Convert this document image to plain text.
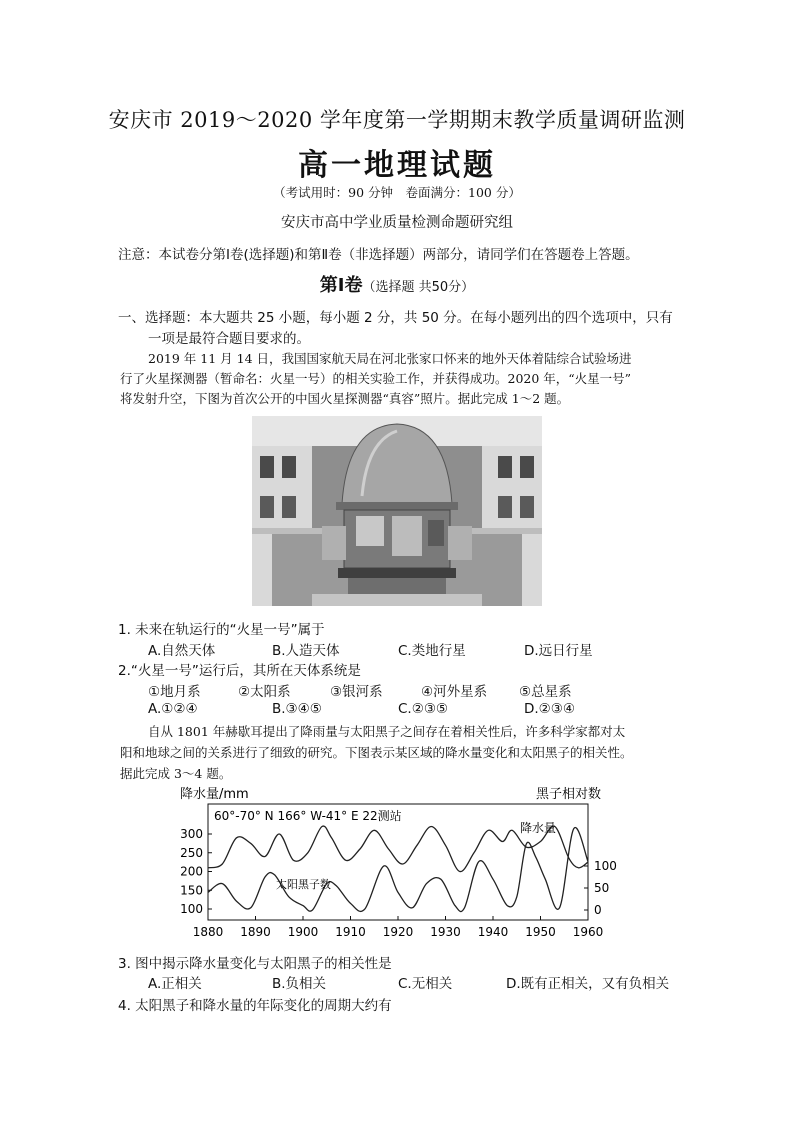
安庆市 2019～2020 学年度第一学期期末教学质量调研监测
高一地理试题
（考试用时：90 分钟　卷面满分：100 分）
安庆市高中学业质量检测命题研究组
注意：本试卷分第Ⅰ卷(选择题)和第Ⅱ卷（非选择题）两部分，请同学们在答题卷上答题。
第Ⅰ卷（选择题 共50分）
一、选择题：本大题共 25 小题，每小题 2 分，共 50 分。在每小题列出的四个选项中，只有
一项是最符合题目要求的。
2019 年 11 月 14 日，我国国家航天局在河北张家口怀来的地外天体着陆综合试验场进
行了火星探测器（暂命名：火星一号）的相关实验工作，并获得成功。2020 年，“火星一号”
将发射升空，下图为首次公开的中国火星探测器“真容”照片。据此完成 1～2 题。
1. 未来在轨运行的“火星一号”属于
A.自然天体	B.人造天体	C.类地行星	D.远日行星
2.“火星一号”运行后，其所在天体系统是
①地月系	②太阳系	③银河系	④河外星系 ⑤总星系
A.①②④	B.③④⑤	C.②③⑤	D.②③④
自从 1801 年赫歇耳提出了降雨量与太阳黑子之间存在着相关性后，许多科学家都对太
阳和地球之间的关系进行了细致的研究。下图表示某区域的降水量变化和太阳黑子的相关性。
据此完成 3～4 题。
降水量/mm	黑子相对数
60°-70° N 166° W-41° E 22测站
1880 1890 1900 1910 1920 1930 1940 1950 1960
100
150
200
250
300
0
50
100
降水量
太阳黑子数
3. 图中揭示降水量变化与太阳黑子的相关性是
A.正相关	B.负相关	C.无相关	D.既有正相关，又有负相关
4. 太阳黑子和降水量的年际变化的周期大约有
